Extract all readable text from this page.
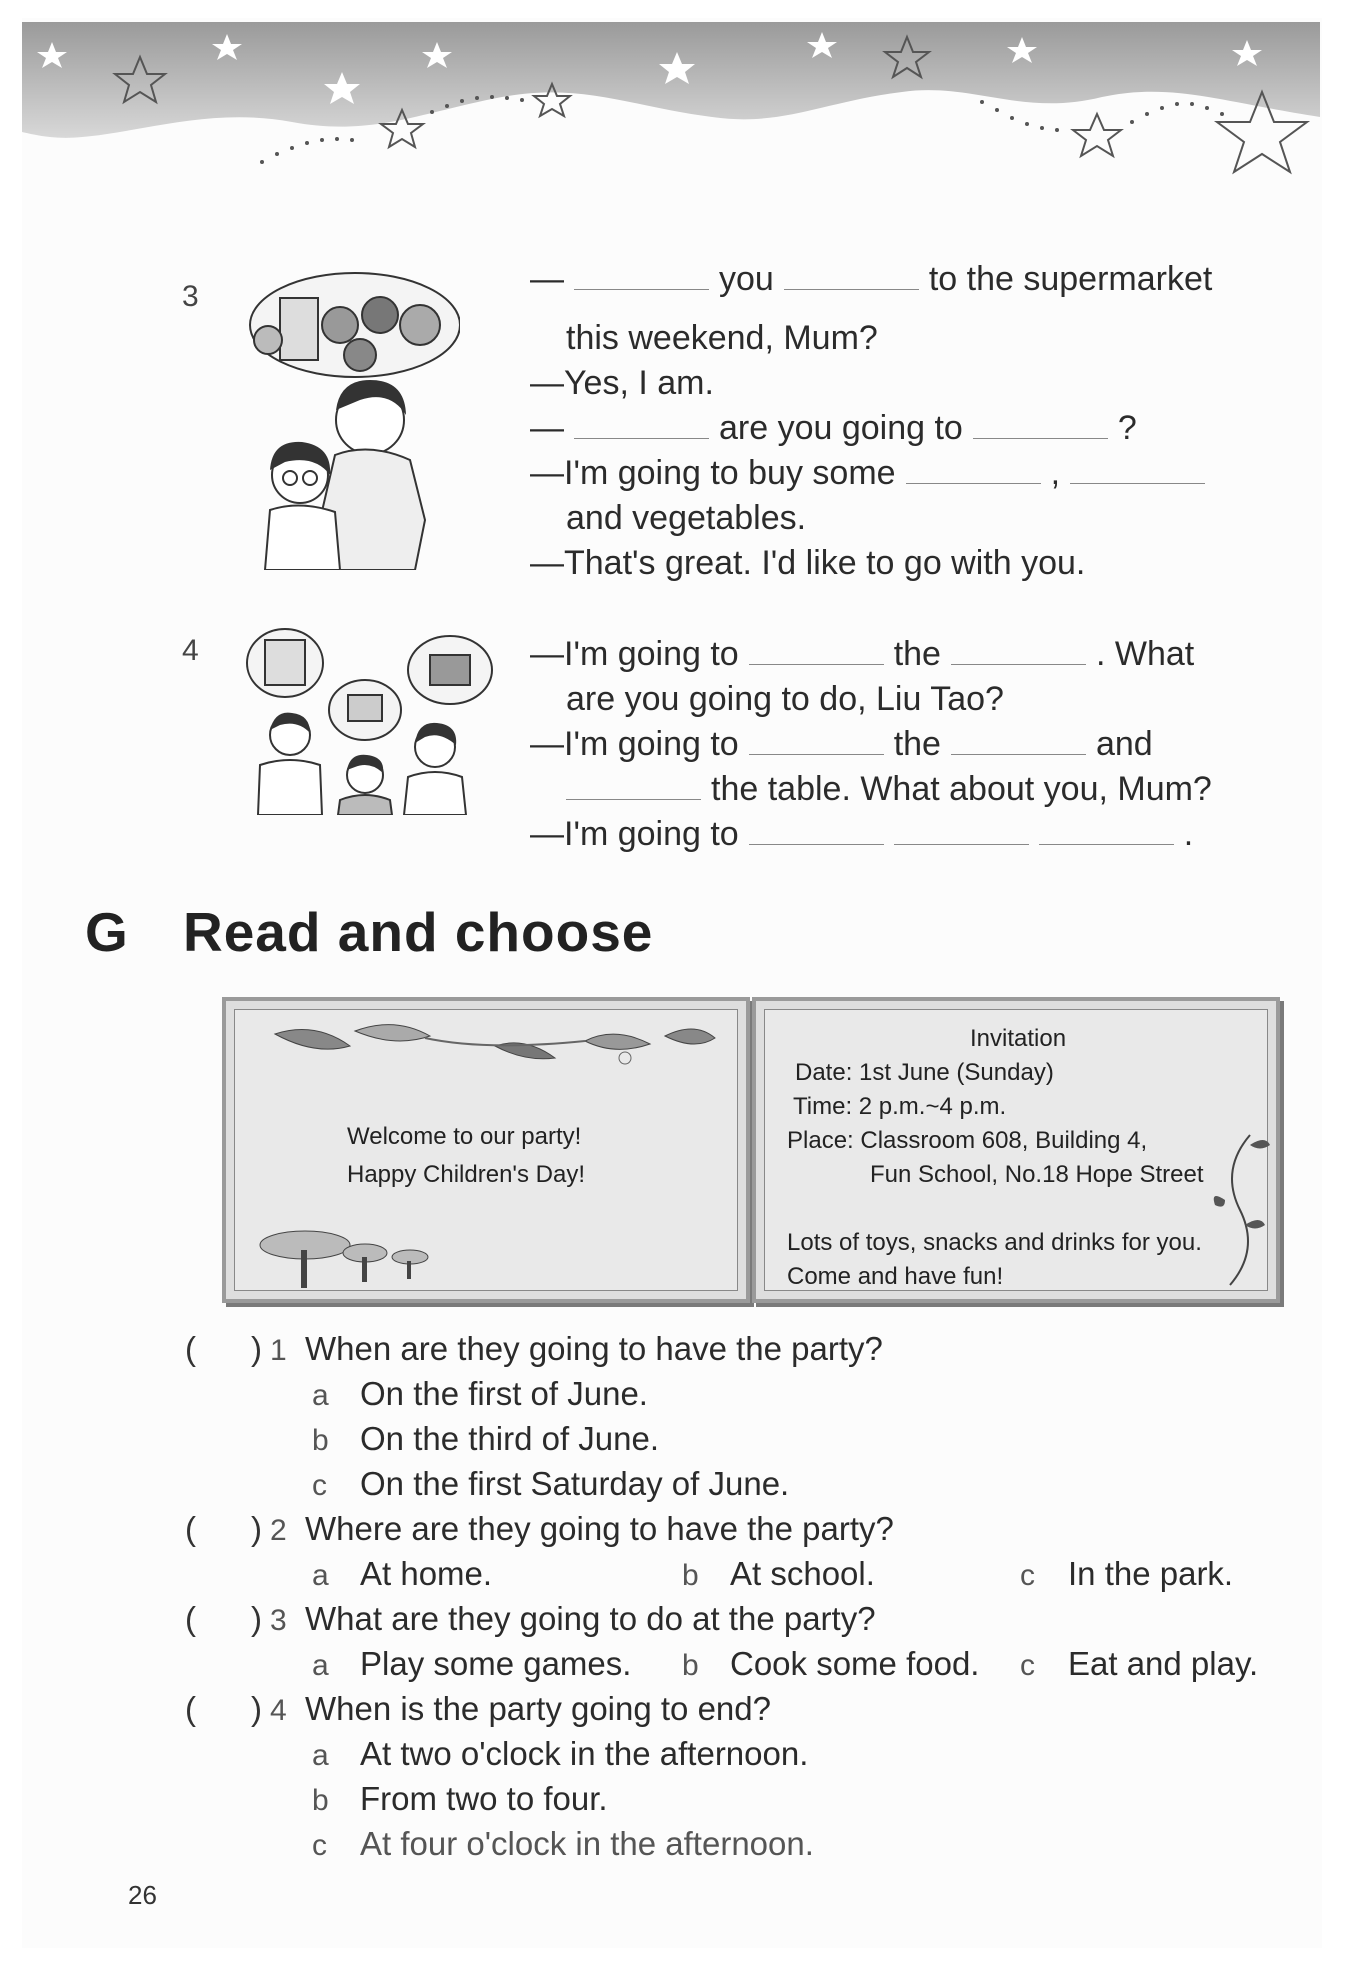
3	—	you	to the supermarket
this weekend, Mum?
—Yes, I am.
—	are you going to	?
—I'm going to buy some	,
and vegetables.
—That's great. I'd like to go with you.
4	—I'm going to	the	. What
are you going to do, Liu Tao?
—I'm going to	the	and
the table. What about you, Mum?
—I'm going to	.
G Read and choose
Welcome to our party!
Happy Children's Day!
Invitation
Date: 1st June (Sunday)
Time: 2 p.m.~4 p.m.
Place: Classroom 608, Building 4,
Fun School, No.18 Hope Street
Lots of toys, snacks and drinks for you.
Come and have fun!
(      ) 1 When are they going to have the party?
a On the first of June.
b On the third of June.
c On the first Saturday of June.
(      ) 2 Where are they going to have the party?
a At home.	b At school.	c In the park.
(      ) 3 What are they going to do at the party?
a Play some games. b Cook some food. c Eat and play.
(      ) 4 When is the party going to end?
a At two o'clock in the afternoon.
b From two to four.
c At four o'clock in the afternoon.
26
